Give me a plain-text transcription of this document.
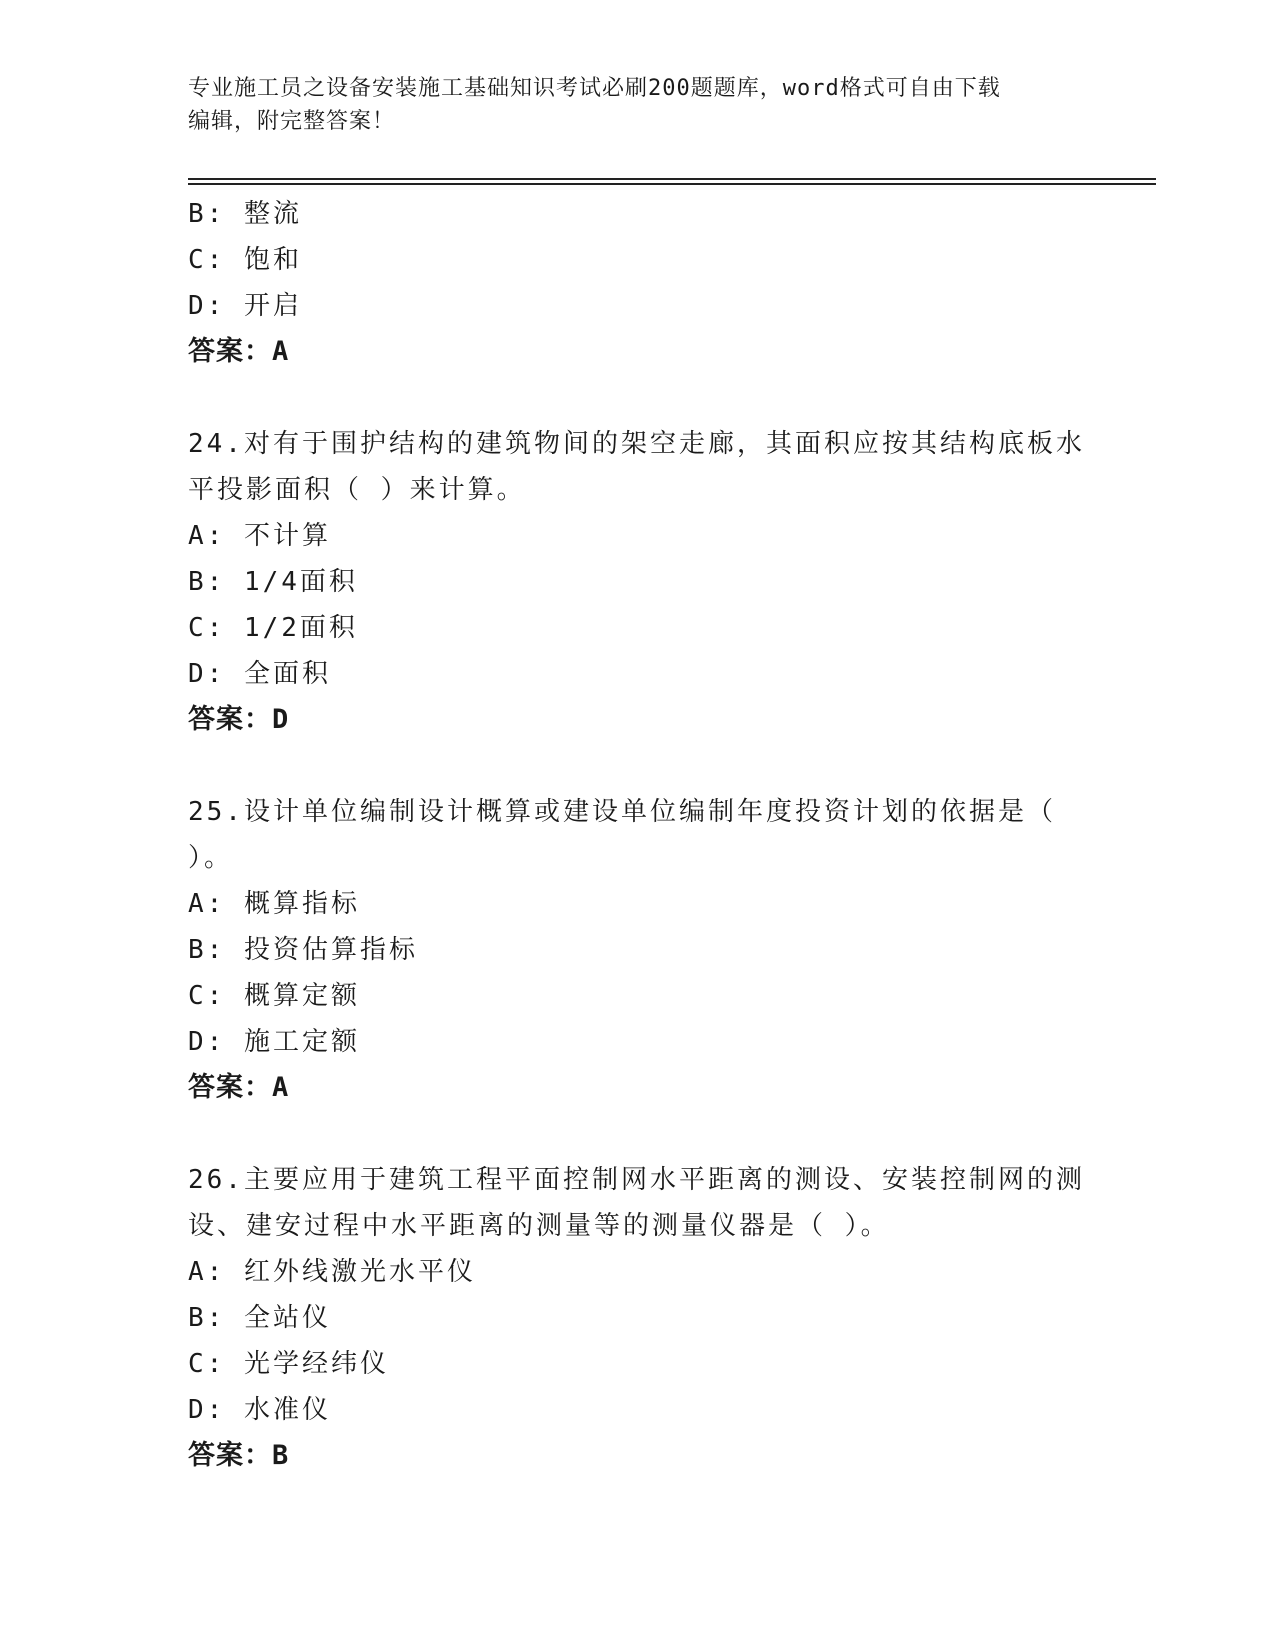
专业施工员之设备安装施工基础知识考试必刷200题题库，word格式可自由下载
编辑，附完整答案！
B: 整流
C: 饱和
D: 开启
答案：A
24.对有于围护结构的建筑物间的架空走廊，其面积应按其结构底板水
平投影面积（ ）来计算。
A: 不计算
B: 1/4面积
C: 1/2面积
D: 全面积
答案：D
25.设计单位编制设计概算或建设单位编制年度投资计划的依据是（
）。
A: 概算指标
B: 投资估算指标
C: 概算定额
D: 施工定额
答案：A
26.主要应用于建筑工程平面控制网水平距离的测设、安装控制网的测
设、建安过程中水平距离的测量等的测量仪器是（ ）。
A: 红外线激光水平仪
B: 全站仪
C: 光学经纬仪
D: 水准仪
答案：B
